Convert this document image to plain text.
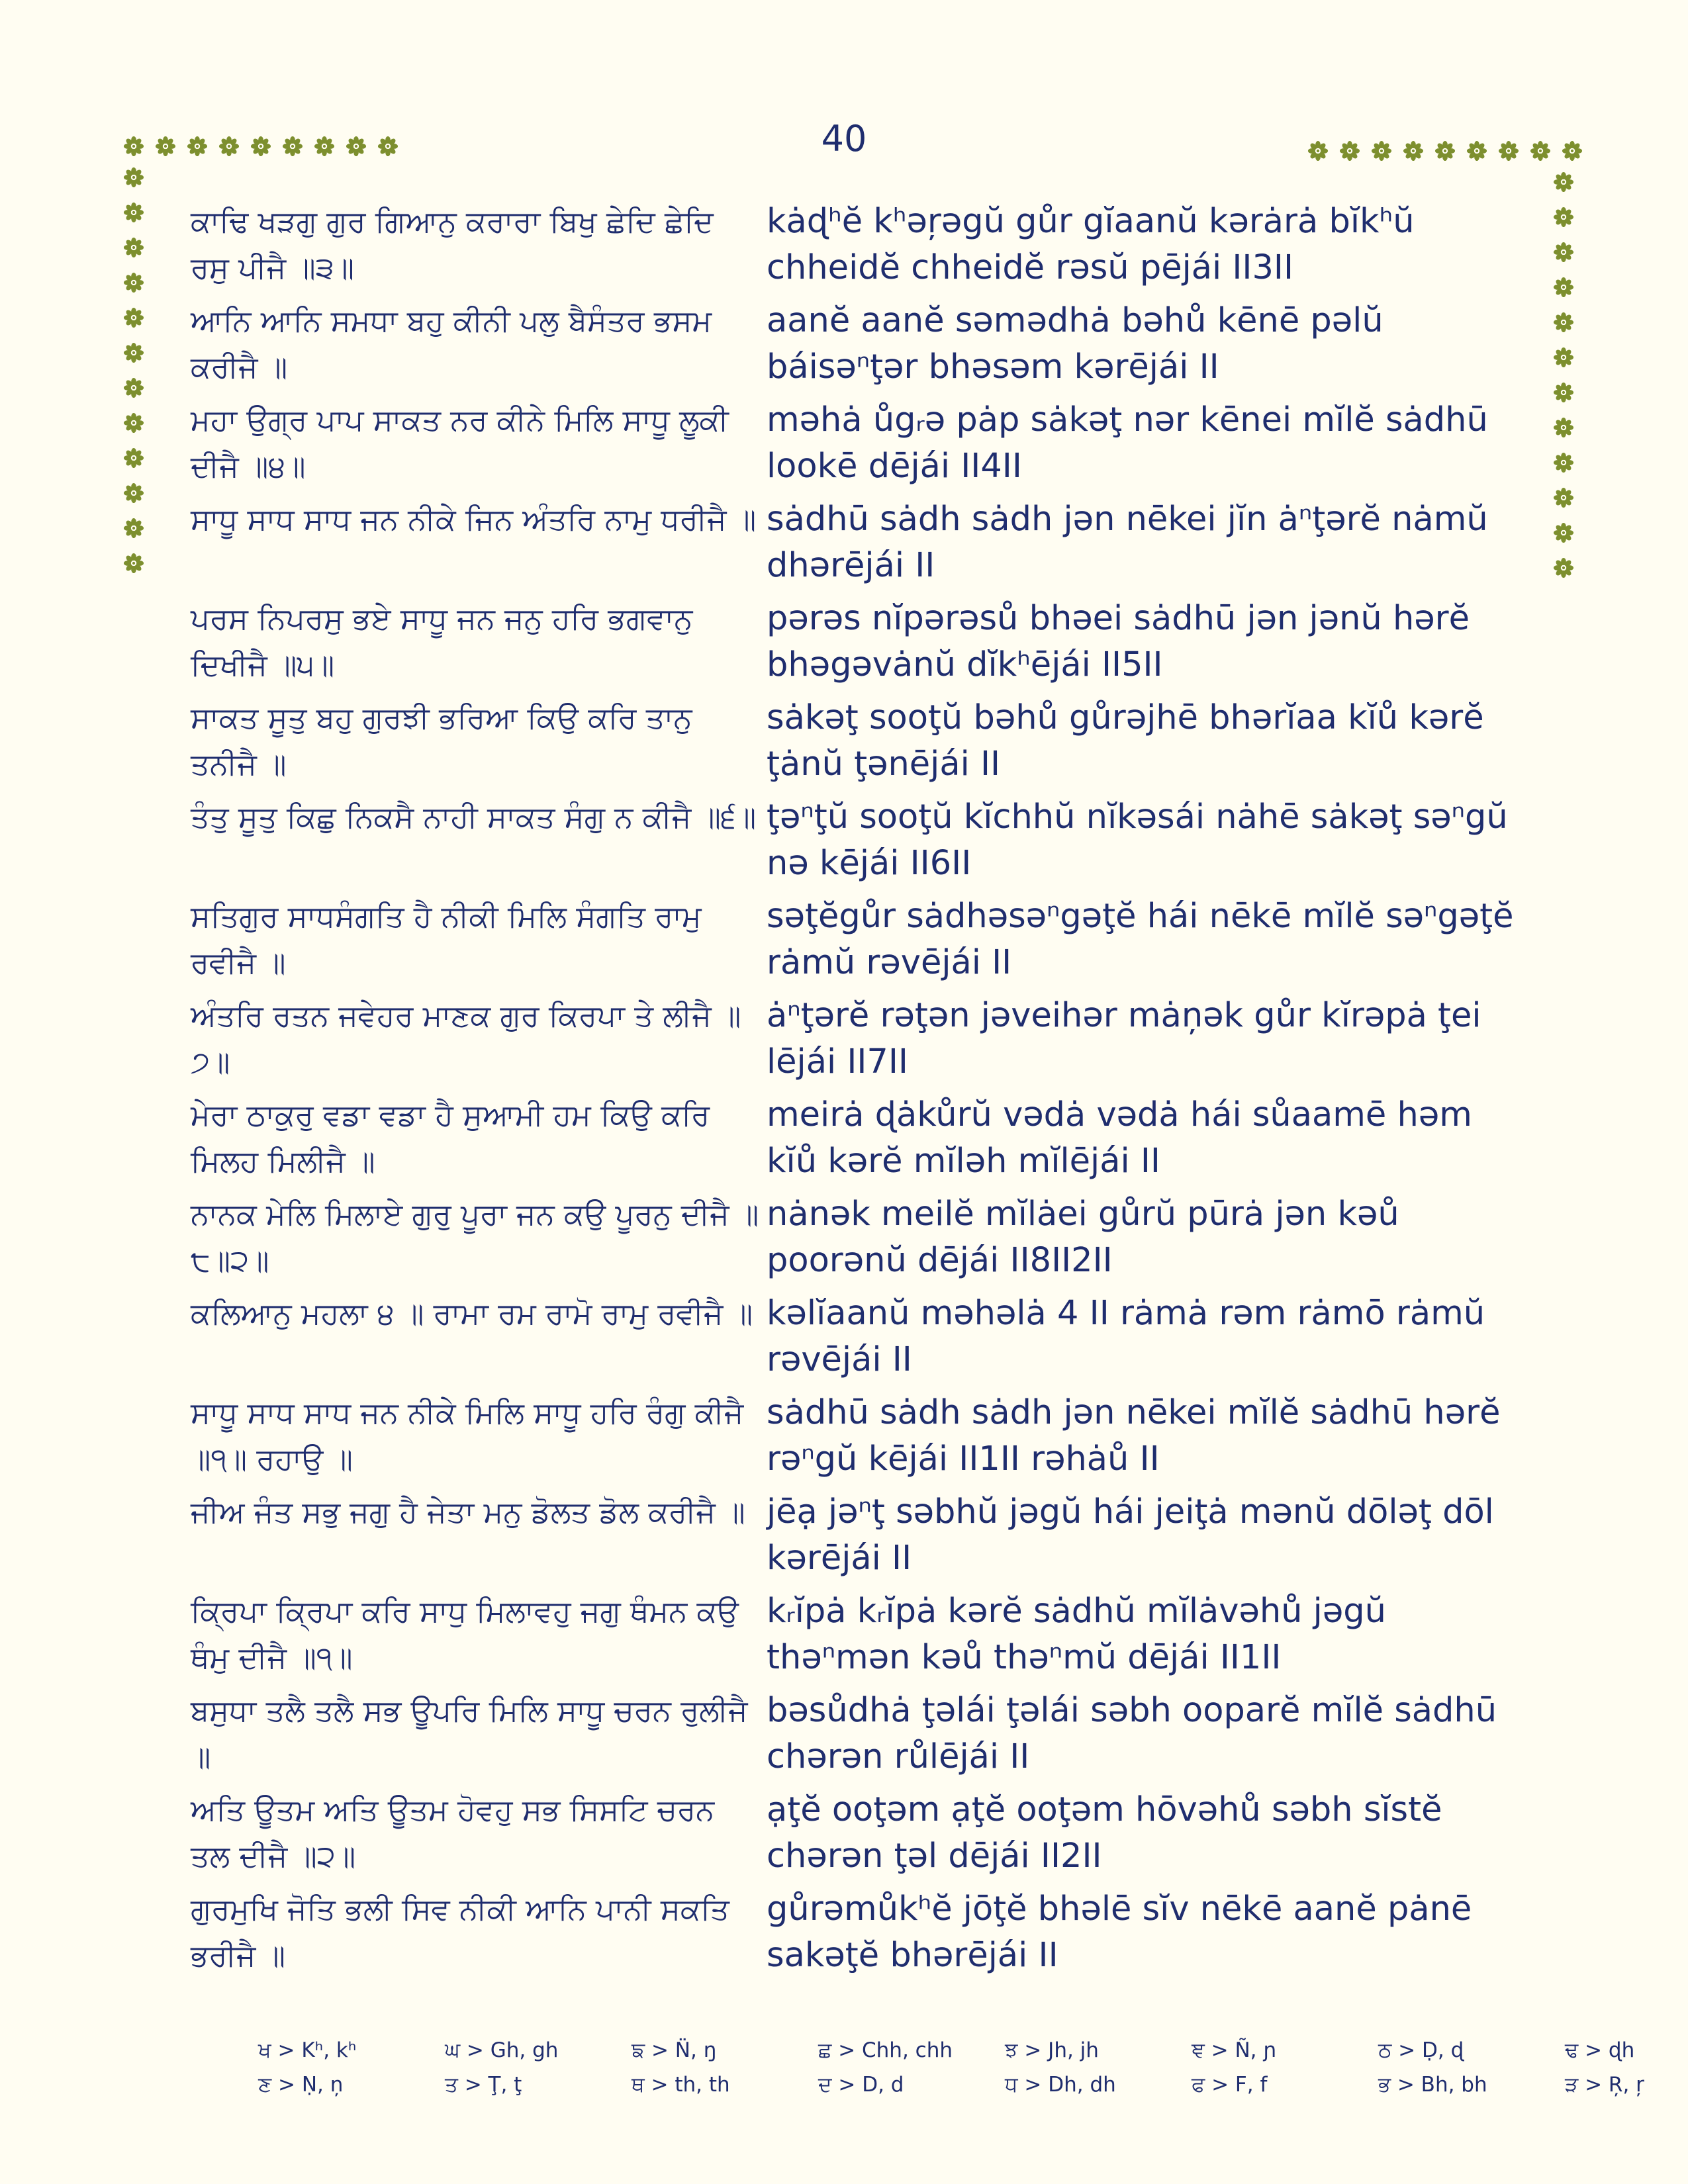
40
ਕਾਢਿ ਖੜਗੁ ਗੁਰ ਗਿਆਨੁ ਕਰਾਰਾ ਬਿਖੁ ਛੇਦਿ ਛੇਦਿ ਰਸੁ ਪੀਜੈ ॥੩॥
kȧɖʰĕ kʰəŗəgŭ gůr gĭaanŭ kərȧrȧ bĭkʰŭ chheidĕ chheidĕ rəsŭ pējái II3II
ਆਨਿ ਆਨਿ ਸਮਧਾ ਬਹੁ ਕੀਨੀ ਪਲੁ ਬੈਸੰਤਰ ਭਸਮ ਕਰੀਜੈ ॥
aanĕ aanĕ səmədhȧ bəhů kēnē pəlŭ báisəⁿţər bhəsəm kərējái II
ਮਹਾ ਉਗ੍ਰ ਪਾਪ ਸਾਕਤ ਨਰ ਕੀਨੇ ਮਿਲਿ ਸਾਧੂ ਲੂਕੀ ਦੀਜੈ ॥੪॥
məhȧ ůgᵣə pȧp sȧkəţ nər kēnei mĭlĕ sȧdhū lookē dējái II4II
ਸਾਧੂ ਸਾਧ ਸਾਧ ਜਨ ਨੀਕੇ ਜਿਨ ਅੰਤਰਿ ਨਾਮੁ ਧਰੀਜੈ ॥ sȧdhū sȧdh sȧdh jən nēkei jĭn ȧⁿţərĕ nȧmŭ dhərējái II
ਪਰਸ ਨਿਪਰਸੁ ਭਏ ਸਾਧੂ ਜਨ ਜਨੁ ਹਰਿ ਭਗਵਾਨੁ ਦਿਖੀਜੈ ॥੫॥
pərəs nĭpərəsů bhəei sȧdhū jən jənŭ hərĕ bhəgəvȧnŭ dĭkʰējái II5II
ਸਾਕਤ ਸੂਤੁ ਬਹੁ ਗੁਰਝੀ ਭਰਿਆ ਕਿਉ ਕਰਿ ਤਾਨੁ ਤਨੀਜੈ ॥
sȧkəţ sooţŭ bəhů gůrəjhē bhərĭaa kĭů kərĕ ţȧnŭ ţənējái II
ਤੰਤੁ ਸੂਤੁ ਕਿਛੁ ਨਿਕਸੈ ਨਾਹੀ ਸਾਕਤ ਸੰਗੁ ਨ ਕੀਜੈ ॥੬॥ ţəⁿţŭ sooţŭ kĭchhŭ nĭkəsái nȧhē sȧkəţ səⁿgŭ nə kējái II6II
ਸਤਿਗੁਰ ਸਾਧਸੰਗਤਿ ਹੈ ਨੀਕੀ ਮਿਲਿ ਸੰਗਤਿ ਰਾਮੁ ਰਵੀਜੈ ॥
səţĕgůr sȧdhəsəⁿgəţĕ hái nēkē mĭlĕ səⁿgəţĕ rȧmŭ rəvējái II
ਅੰਤਰਿ ਰਤਨ ਜਵੇਹਰ ਮਾਣਕ ਗੁਰ ਕਿਰਪਾ ਤੇ ਲੀਜੈ ॥੭॥
ȧⁿţərĕ rəţən jəveihər mȧņək gůr kĭrəpȧ ţei lējái II7II
ਮੇਰਾ ਠਾਕੁਰੁ ਵਡਾ ਵਡਾ ਹੈ ਸੁਆਮੀ ਹਮ ਕਿਉ ਕਰਿ ਮਿਲਹ ਮਿਲੀਜੈ ॥
meirȧ ɖȧkůrŭ vədȧ vədȧ hái sůaamē həm kĭů kərĕ mĭləh mĭlējái II
ਨਾਨਕ ਮੇਲਿ ਮਿਲਾਏ ਗੁਰੁ ਪੂਰਾ ਜਨ ਕਉ ਪੂਰਨੁ ਦੀਜੈ ॥੮॥੨॥
nȧnək meilĕ mĭlȧei gůrŭ pūrȧ jən kəů poorənŭ dējái II8II2II
ਕਲਿਆਨੁ ਮਹਲਾ ੪ ॥ ਰਾਮਾ ਰਮ ਰਾਮੋ ਰਾਮੁ ਰਵੀਜੈ ॥ kəlĭaanŭ məhəlȧ 4 II rȧmȧ rəm rȧmō rȧmŭ rəvējái II
ਸਾਧੂ ਸਾਧ ਸਾਧ ਜਨ ਨੀਕੇ ਮਿਲਿ ਸਾਧੂ ਹਰਿ ਰੰਗੁ ਕੀਜੈ ॥੧॥ ਰਹਾਉ ॥
sȧdhū sȧdh sȧdh jən nēkei mĭlĕ sȧdhū hərĕ rəⁿgŭ kējái II1II rəhȧů II
ਜੀਅ ਜੰਤ ਸਭੁ ਜਗੁ ਹੈ ਜੇਤਾ ਮਨੁ ਡੋਲਤ ਡੋਲ ਕਰੀਜੈ ॥ jēạ jəⁿţ səbhŭ jəgŭ hái jeiţȧ mənŭ dōləţ dōl kərējái II
ਕ੍ਰਿਪਾ ਕ੍ਰਿਪਾ ਕਰਿ ਸਾਧੁ ਮਿਲਾਵਹੁ ਜਗੁ ਥੰਮਨ ਕਉ ਥੰਮੁ ਦੀਜੈ ॥੧॥
kᵣĭpȧ kᵣĭpȧ kərĕ sȧdhŭ mĭlȧvəhů jəgŭ thəⁿmən kəů thəⁿmŭ dējái II1II
ਬਸੁਧਾ ਤਲੈ ਤਲੈ ਸਭ ਊਪਰਿ ਮਿਲਿ ਸਾਧੂ ਚਰਨ ਰੁਲੀਜੈ ॥
bəsůdhȧ ţəlái ţəlái səbh ooparĕ mĭlĕ sȧdhū chərən růlējái II
ਅਤਿ ਊਤਮ ਅਤਿ ਊਤਮ ਹੋਵਹੁ ਸਭ ਸਿਸਟਿ ਚਰਨ ਤਲ ਦੀਜੈ ॥੨॥
ạţĕ ooţəm ạţĕ ooţəm hōvəhů səbh sĭstĕ chərən ţəl dējái II2II
ਗੁਰਮੁਖਿ ਜੋਤਿ ਭਲੀ ਸਿਵ ਨੀਕੀ ਆਨਿ ਪਾਨੀ ਸਕਤਿ ਭਰੀਜੈ ॥
gůrəmůkʰĕ jōţĕ bhəlē sĭv nēkē aanĕ pȧnē sakəţĕ bhərējái II
ਖ > Kʰ, kʰ	ਘ > Gh, gh	ਙ > N̈, ŋ	ਛ > Chh, chh	ਝ > Jh, jh	ਞ > Ñ, ɲ	ਠ > Ḍ, ɖ	ਢ > ɖh
ਣ > Ṇ, ņ	ਤ > Ţ, ţ	ਥ > th, th	ਦ > D, d	ਧ > Dh, dh	ਫ > F, f	ਭ > Bh, bh	ੜ > Ŗ, ŗ
